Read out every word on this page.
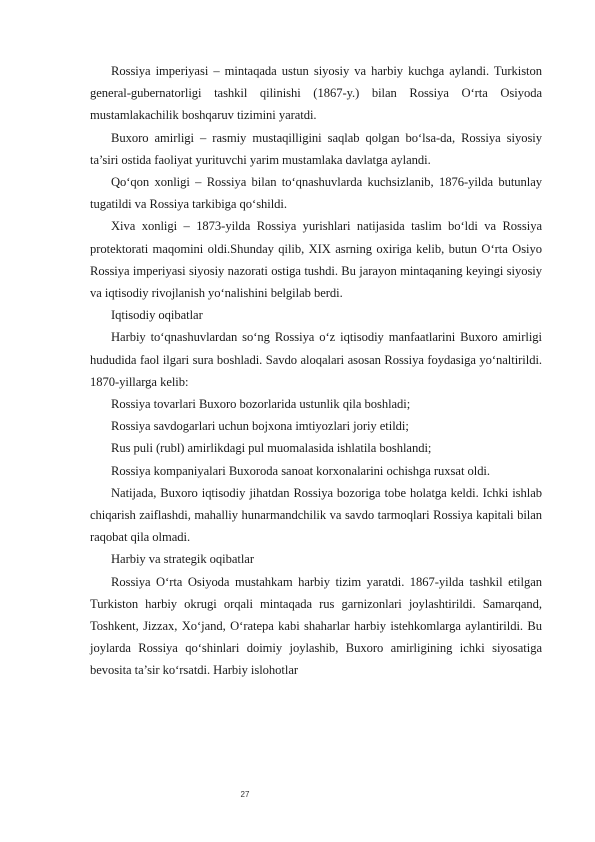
Rossiya imperiyasi – mintaqada ustun siyosiy va harbiy kuchga aylandi. Turkiston general-gubernatorligi tashkil qilinishi (1867-y.) bilan Rossiya O‘rta Osiyoda mustamlakachilik boshqaruv tizimini yaratdi.

Buxoro amirligi – rasmiy mustaqilligini saqlab qolgan bo‘lsa-da, Rossiya siyosiy ta’siri ostida faoliyat yurituvchi yarim mustamlaka davlatga aylandi.

Qo‘qon xonligi – Rossiya bilan to‘qnashuvlarda kuchsizlanib, 1876-yilda butunlay tugatildi va Rossiya tarkibiga qo‘shildi.

Xiva xonligi – 1873-yilda Rossiya yurishlari natijasida taslim bo‘ldi va Rossiya protektorati maqomini oldi.Shunday qilib, XIX asrning oxiriga kelib, butun O‘rta Osiyo Rossiya imperiyasi siyosiy nazorati ostiga tushdi. Bu jarayon mintaqaning keyingi siyosiy va iqtisodiy rivojlanish yo‘nalishini belgilab berdi.

Iqtisodiy oqibatlar

Harbiy to‘qnashuvlardan so‘ng Rossiya o‘z iqtisodiy manfaatlarini Buxoro amirligi hududida faol ilgari sura boshladi. Savdo aloqalari asosan Rossiya foydasiga yo‘naltirildi. 1870-yillarga kelib:

Rossiya tovarlari Buxoro bozorlarida ustunlik qila boshladi;

Rossiya savdogarlari uchun bojxona imtiyozlari joriy etildi;

Rus puli (rubl) amirlikdagi pul muomalasida ishlatila boshlandi;

Rossiya kompaniyalari Buxoroda sanoat korxonalarini ochishga ruxsat oldi.

Natijada, Buxoro iqtisodiy jihatdan Rossiya bozoriga tobe holatga keldi. Ichki ishlab chiqarish zaiflashdi, mahalliy hunarmandchilik va savdo tarmoqlari Rossiya kapitali bilan raqobat qila olmadi.

Harbiy va strategik oqibatlar

Rossiya O‘rta Osiyoda mustahkam harbiy tizim yaratdi. 1867-yilda tashkil etilgan Turkiston harbiy okrugi orqali mintaqada rus garnizonlari joylashtirildi. Samarqand, Toshkent, Jizzax, Xo‘jand, O‘ratepa kabi shaharlar harbiy istehkomlarga aylantirildi. Bu joylarda Rossiya qo‘shinlari doimiy joylashib, Buxoro amirligining ichki siyosatiga bevosita ta’sir ko‘rsatdi. Harbiy islohotlar

27
